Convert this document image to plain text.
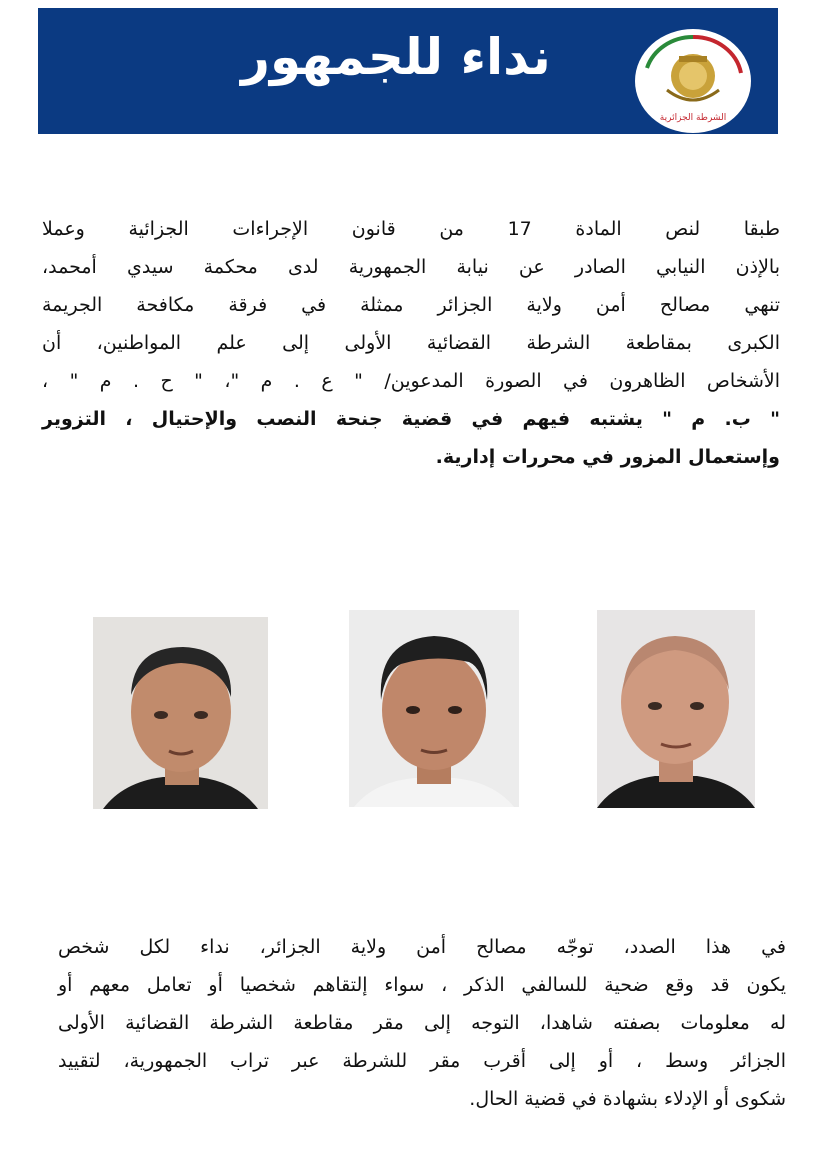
نداء للجمهور
الشرطة الجزائرية
طبقا لنص المادة 17 من قانون الإجراءات الجزائية وعملا
بالإذن النيابي الصادر عن نيابة الجمهورية لدى محكمة سيدي أمحمد،
تنهي مصالح أمن ولاية الجزائر ممثلة في فرقة مكافحة الجريمة
الكبرى بمقاطعة الشرطة القضائية الأولى إلى علم المواطنين، أن
الأشخاص الظاهرون في الصورة المدعوين/ " ع . م "، " ح . م " ،
" ب. م " يشتبه فيهم في قضية جنحة النصب والإحتيال ، التزوير
وإستعمال المزور في محررات إدارية.
في هذا الصدد، توجّه مصالح أمن ولاية الجزائر، نداء لكل شخص
يكون قد وقع ضحية للسالفي الذكر ، سواء إلتقاهم شخصيا أو تعامل معهم أو
له معلومات بصفته شاهدا، التوجه إلى مقر مقاطعة الشرطة القضائية الأولى
الجزائر وسط ، أو إلى أقرب مقر للشرطة عبر تراب الجمهورية، لتقييد
شكوى أو الإدلاء بشهادة في قضية الحال.
